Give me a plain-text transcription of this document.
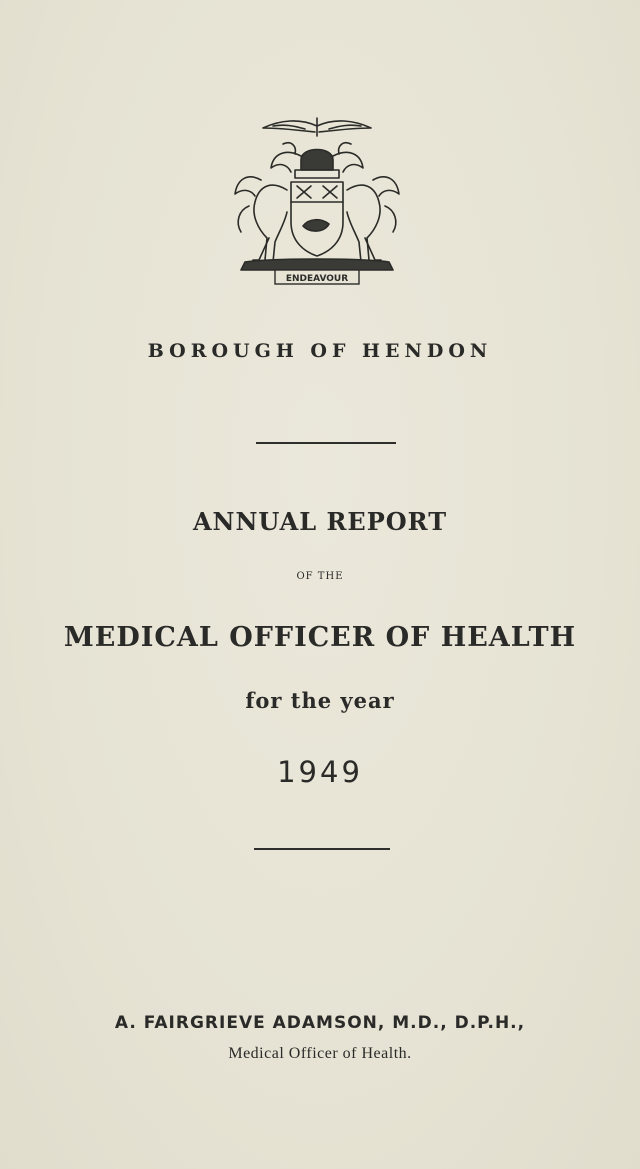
ENDEAVOUR
BOROUGH OF HENDON
ANNUAL REPORT
OF THE
MEDICAL OFFICER OF HEALTH
for the year
1949
A. FAIRGRIEVE ADAMSON, M.D., D.P.H.,
Medical Officer of Health.
